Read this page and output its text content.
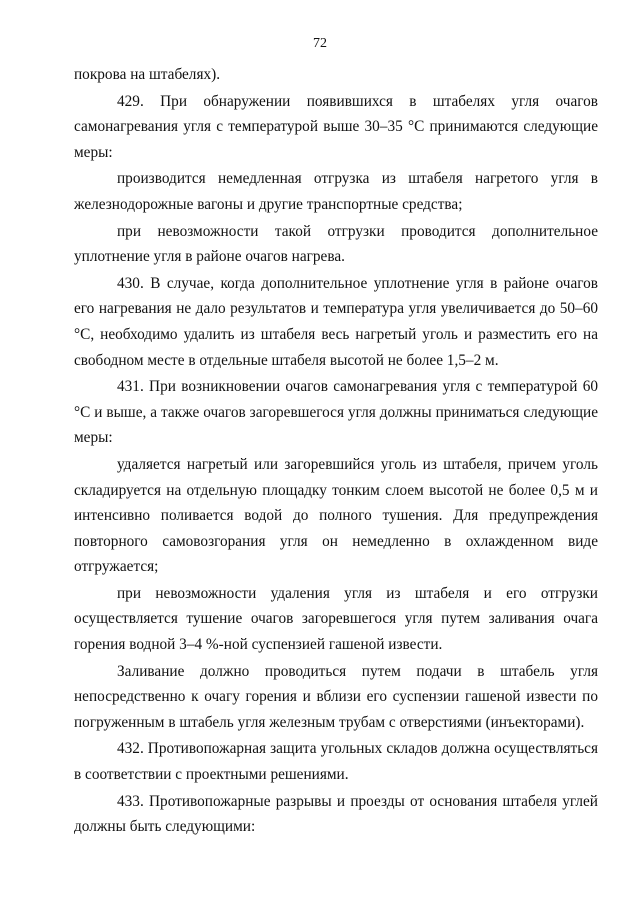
72

покрова на штабелях).

429. При обнаружении появившихся в штабелях угля очагов самонагревания угля с температурой выше 30–35 °С принимаются следующие меры:

производится немедленная отгрузка из штабеля нагретого угля в железнодорожные вагоны и другие транспортные средства;

при невозможности такой отгрузки проводится дополнительное уплотнение угля в районе очагов нагрева.

430. В случае, когда дополнительное уплотнение угля в районе очагов его нагревания не дало результатов и температура угля увеличивается до 50–60 °С, необходимо удалить из штабеля весь нагретый уголь и разместить его на свободном месте в отдельные штабеля высотой не более 1,5–2 м.

431. При возникновении очагов самонагревания угля с температурой 60 °С и выше, а также очагов загоревшегося угля должны приниматься следующие меры:

удаляется нагретый или загоревшийся уголь из штабеля, причем уголь складируется на отдельную площадку тонким слоем высотой не более 0,5 м и интенсивно поливается водой до полного тушения. Для предупреждения повторного самовозгорания угля он немедленно в охлажденном виде отгружается;

при невозможности удаления угля из штабеля и его отгрузки осуществляется тушение очагов загоревшегося угля путем заливания очага горения водной 3–4 %-ной суспензией гашеной извести.

Заливание должно проводиться путем подачи в штабель угля непосредственно к очагу горения и вблизи его суспензии гашеной извести по погруженным в штабель угля железным трубам с отверстиями (инъекторами).

432. Противопожарная защита угольных складов должна осуществляться в соответствии с проектными решениями.

433. Противопожарные разрывы и проезды от основания штабеля углей должны быть следующими:
